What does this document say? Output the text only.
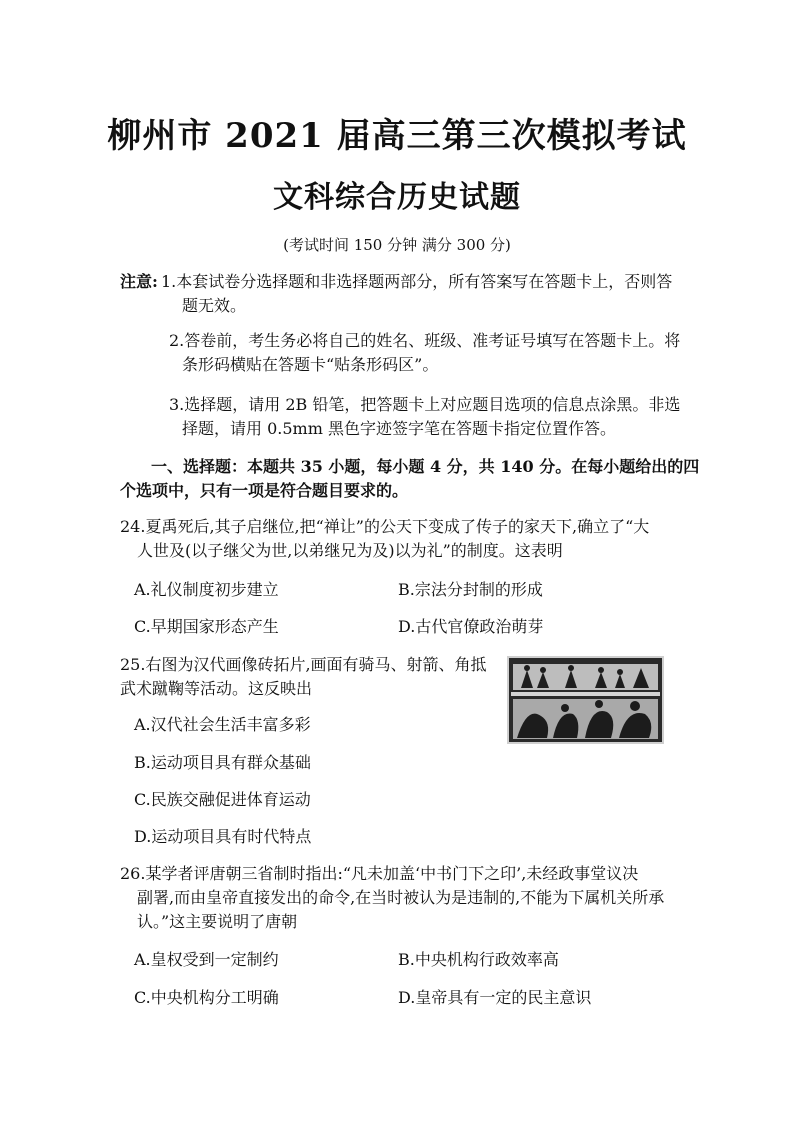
柳州市 2021 届高三第三次模拟考试
文科综合历史试题
(考试时间 150 分钟 满分 300 分)
注意: 1.本套试卷分选择题和非选择题两部分，所有答案写在答题卡上，否则答
题无效。
2.答卷前，考生务必将自己的姓名、班级、准考证号填写在答题卡上。将
条形码横贴在答题卡“贴条形码区”。
3.选择题，请用 2B 铅笔，把答题卡上对应题目选项的信息点涂黑。非选
择题，请用 0.5mm 黑色字迹签字笔在答题卡指定位置作答。
一、选择题：本题共 35 小题，每小题 4 分，共 140 分。在每小题给出的四
个选项中，只有一项是符合题目要求的。
24.夏禹死后,其子启继位,把“禅让”的公天下变成了传子的家天下,确立了“大
人世及(以子继父为世,以弟继兄为及)以为礼”的制度。这表明
A.礼仪制度初步建立	B.宗法分封制的形成
C.早期国家形态产生	D.古代官僚政治萌芽
25.右图为汉代画像砖拓片,画面有骑马、射箭、角抵
武术蹴鞠等活动。这反映出
A.汉代社会生活丰富多彩
B.运动项目具有群众基础
C.民族交融促进体育运动
D.运动项目具有时代特点
26.某学者评唐朝三省制时指出:“凡未加盖‘中书门下之印’,未经政事堂议决
副署,而由皇帝直接发出的命令,在当时被认为是违制的,不能为下属机关所承
认。”这主要说明了唐朝
A.皇权受到一定制约	B.中央机构行政效率高
C.中央机构分工明确	D.皇帝具有一定的民主意识
